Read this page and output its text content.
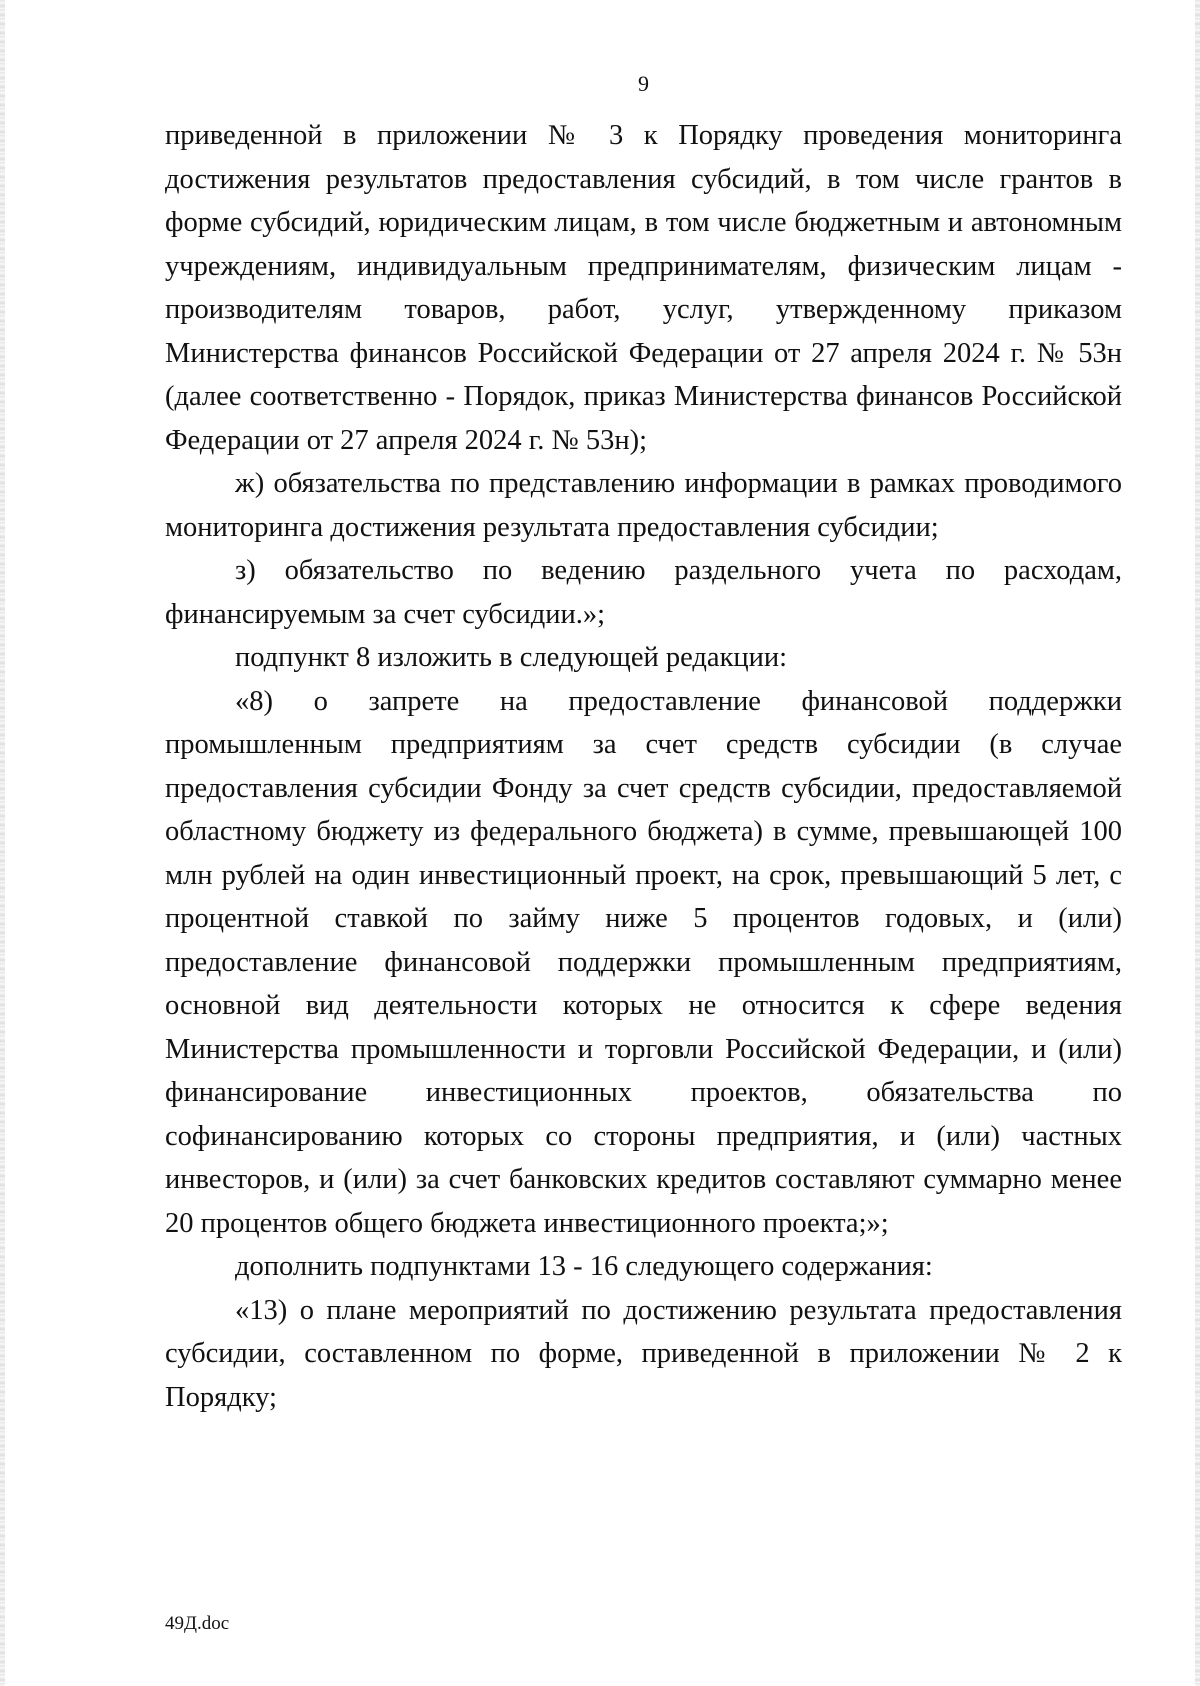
9

приведенной в приложении № 3 к Порядку проведения мониторинга достижения результатов предоставления субсидий, в том числе грантов в форме субсидий, юридическим лицам, в том числе бюджетным и автономным учреждениям, индивидуальным предпринимателям, физическим лицам - производителям товаров, работ, услуг, утвержденному приказом Министерства финансов Российской Федерации от 27 апреля 2024 г. № 53н (далее соответственно - Порядок, приказ Министерства финансов Российской Федерации от 27 апреля 2024 г. № 53н);

ж) обязательства по представлению информации в рамках проводимого мониторинга достижения результата предоставления субсидии;

з) обязательство по ведению раздельного учета по расходам, финансируемым за счет субсидии.»;

подпункт 8 изложить в следующей редакции:

«8) о запрете на предоставление финансовой поддержки промышленным предприятиям за счет средств субсидии (в случае предоставления субсидии Фонду за счет средств субсидии, предоставляемой областному бюджету из федерального бюджета) в сумме, превышающей 100 млн рублей на один инвестиционный проект, на срок, превышающий 5 лет, с процентной ставкой по займу ниже 5 процентов годовых, и (или) предоставление финансовой поддержки промышленным предприятиям, основной вид деятельности которых не относится к сфере ведения Министерства промышленности и торговли Российской Федерации, и (или) финансирование инвестиционных проектов, обязательства по софинансированию которых со стороны предприятия, и (или) частных инвесторов, и (или) за счет банковских кредитов составляют суммарно менее 20 процентов общего бюджета инвестиционного проекта;»;

дополнить подпунктами 13 - 16 следующего содержания:

«13) о плане мероприятий по достижению результата предоставления субсидии, составленном по форме, приведенной в приложении № 2 к Порядку;

49Д.doc
